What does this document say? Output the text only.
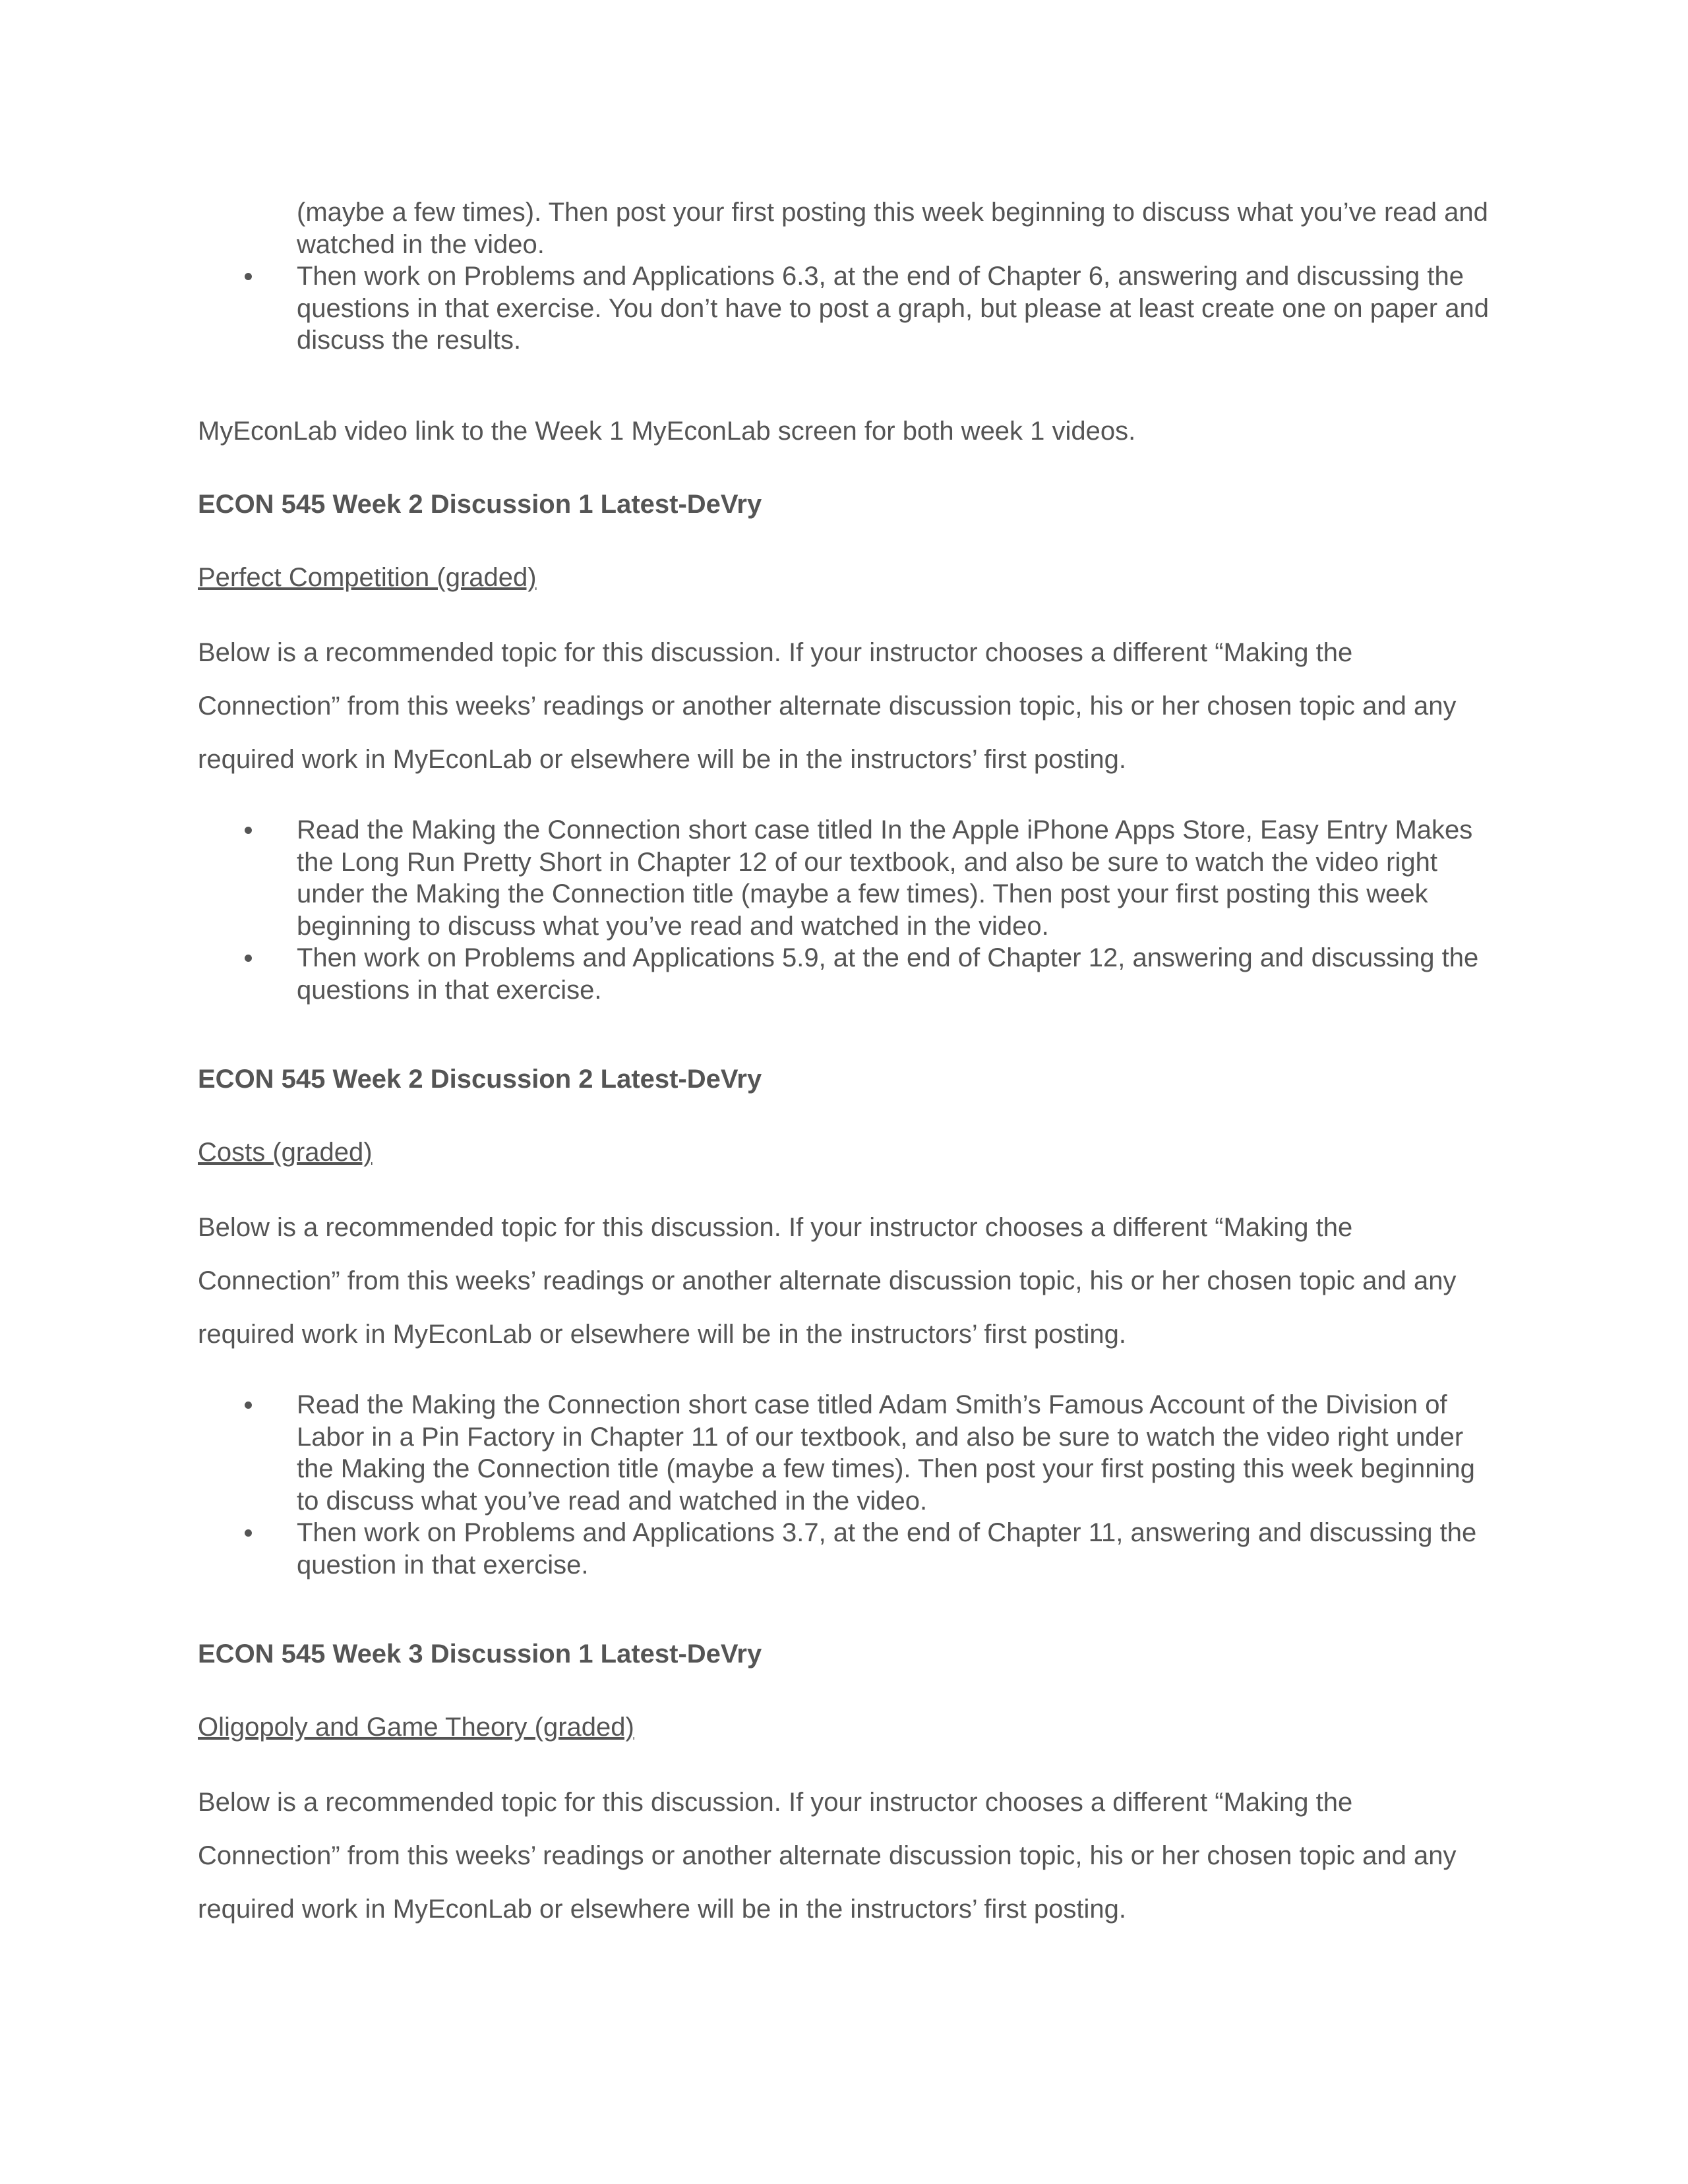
(maybe a few times). Then post your first posting this week beginning to discuss what you’ve read and watched in the video.

Then work on Problems and Applications 6.3, at the end of Chapter 6, answering and discussing the questions in that exercise. You don’t have to post a graph, but please at least create one on paper and discuss the results.

MyEconLab video link to the Week 1 MyEconLab screen for both week 1 videos.

ECON 545 Week 2 Discussion 1 Latest-DeVry

Perfect Competition (graded)

Below is a recommended topic for this discussion. If your instructor chooses a different “Making the Connection” from this weeks’ readings or another alternate discussion topic, his or her chosen topic and any required work in MyEconLab or elsewhere will be in the instructors’ first posting.

Read the Making the Connection short case titled In the Apple iPhone Apps Store, Easy Entry Makes the Long Run Pretty Short in Chapter 12 of our textbook, and also be sure to watch the video right under the Making the Connection title (maybe a few times). Then post your first posting this week beginning to discuss what you’ve read and watched in the video.
Then work on Problems and Applications 5.9, at the end of Chapter 12, answering and discussing the questions in that exercise.
ECON 545 Week 2 Discussion 2 Latest-DeVry

Costs (graded)

Below is a recommended topic for this discussion. If your instructor chooses a different “Making the Connection” from this weeks’ readings or another alternate discussion topic, his or her chosen topic and any required work in MyEconLab or elsewhere will be in the instructors’ first posting.

Read the Making the Connection short case titled Adam Smith’s Famous Account of the Division of Labor in a Pin Factory in Chapter 11 of our textbook, and also be sure to watch the video right under the Making the Connection title (maybe a few times). Then post your first posting this week beginning to discuss what you’ve read and watched in the video.
Then work on Problems and Applications 3.7, at the end of Chapter 11, answering and discussing the question in that exercise.
ECON 545 Week 3 Discussion 1 Latest-DeVry

Oligopoly and Game Theory (graded)

Below is a recommended topic for this discussion. If your instructor chooses a different “Making the Connection” from this weeks’ readings or another alternate discussion topic, his or her chosen topic and any required work in MyEconLab or elsewhere will be in the instructors’ first posting.
